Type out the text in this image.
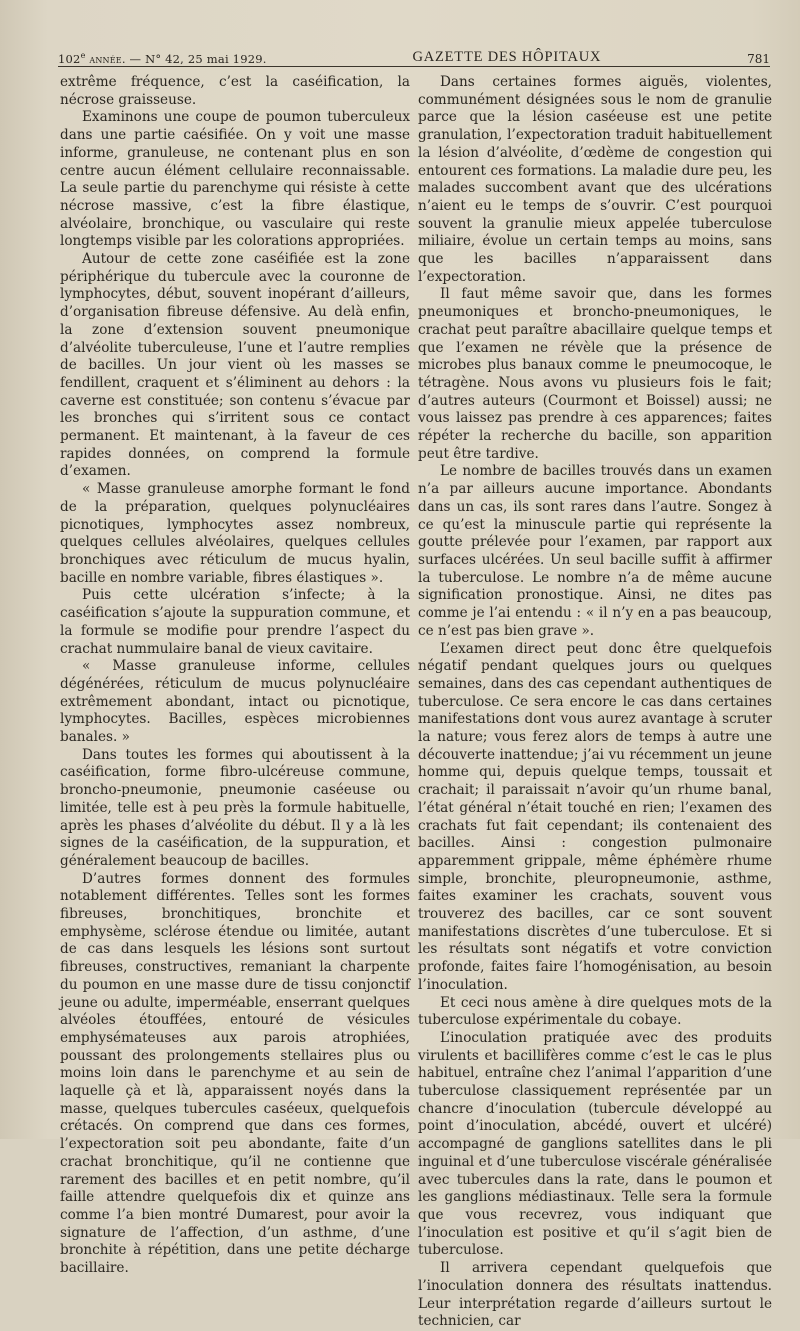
102e année. — N° 42, 25 mai 1929.	GAZETTE DES HÔPITAUX	781

extrême fréquence, c’est la caséification, la nécrose graisseuse.

Examinons une coupe de poumon tuberculeux dans une partie caésifiée. On y voit une masse informe, granuleuse, ne contenant plus en son centre aucun élément cellulaire reconnaissable. La seule partie du parenchyme qui résiste à cette nécrose massive, c’est la fibre élastique, alvéolaire, bronchique, ou vasculaire qui reste longtemps visible par les colorations appropriées.

Autour de cette zone caséifiée est la zone périphérique du tubercule avec la couronne de lymphocytes, début, souvent inopérant d’ailleurs, d’organisation fibreuse défensive. Au delà enfin, la zone d’extension souvent pneumonique d’alvéolite tuberculeuse, l’une et l’autre remplies de bacilles. Un jour vient où les masses se fendillent, craquent et s’éliminent au dehors : la caverne est constituée; son contenu s’évacue par les bronches qui s’irritent sous ce contact permanent. Et maintenant, à la faveur de ces rapides données, on comprend la formule d’examen.

« Masse granuleuse amorphe formant le fond de la préparation, quelques polynucléaires picnotiques, lymphocytes assez nombreux, quelques cellules alvéolaires, quelques cellules bronchiques avec réticulum de mucus hyalin, bacille en nombre variable, fibres élastiques ».

Puis cette ulcération s’infecte; à la caséification s’ajoute la suppuration commune, et la formule se modifie pour prendre l’aspect du crachat nummulaire banal de vieux cavitaire.

« Masse granuleuse informe, cellules dégénérées, réticulum de mucus polynucléaire extrêmement abondant, intact ou picnotique, lymphocytes. Bacilles, espèces microbiennes banales. »

Dans toutes les formes qui aboutissent à la caséification, forme fibro-ulcéreuse commune, broncho-pneumonie, pneumonie caséeuse ou limitée, telle est à peu près la formule habituelle, après les phases d’alvéolite du début. Il y a là les signes de la caséification, de la suppuration, et généralement beaucoup de bacilles.

D’autres formes donnent des formules notablement différentes. Telles sont les formes fibreuses, bronchitiques, bronchite et emphysème, sclérose étendue ou limitée, autant de cas dans lesquels les lésions sont surtout fibreuses, constructives, remaniant la charpente du poumon en une masse dure de tissu conjonctif jeune ou adulte, imperméable, enserrant quelques alvéoles étouffées, entouré de vésicules emphysémateuses aux parois atrophiées, poussant des prolongements stellaires plus ou moins loin dans le parenchyme et au sein de laquelle çà et là, apparaissent noyés dans la masse, quelques tubercules caséeux, quelquefois crétacés. On comprend que dans ces formes, l’expectoration soit peu abondante, faite d’un crachat bronchitique, qu’il ne contienne que rarement des bacilles et en petit nombre, qu’il faille attendre quelquefois dix et quinze ans comme l’a bien montré Dumarest, pour avoir la signature de l’affection, d’un asthme, d’une bronchite à répétition, dans une petite décharge bacillaire.

Dans certaines formes aiguës, violentes, communément désignées sous le nom de granulie parce que la lésion caséeuse est une petite granulation, l’expectoration traduit habituellement la lésion d’alvéolite, d’œdème de congestion qui entourent ces formations. La maladie dure peu, les malades succombent avant que des ulcérations n’aient eu le temps de s’ouvrir. C’est pourquoi souvent la granulie mieux appelée tuberculose miliaire, évolue un certain temps au moins, sans que les bacilles n’apparaissent dans l’expectoration.

Il faut même savoir que, dans les formes pneumoniques et broncho-pneumoniques, le crachat peut paraître abacillaire quelque temps et que l’examen ne révèle que la présence de microbes plus banaux comme le pneumocoque, le tétragène. Nous avons vu plusieurs fois le fait; d’autres auteurs (Courmont et Boissel) aussi; ne vous laissez pas prendre à ces apparences; faites répéter la recherche du bacille, son apparition peut être tardive.

Le nombre de bacilles trouvés dans un examen n’a par ailleurs aucune importance. Abondants dans un cas, ils sont rares dans l’autre. Songez à ce qu’est la minuscule partie qui représente la goutte prélevée pour l’examen, par rapport aux surfaces ulcérées. Un seul bacille suffit à affirmer la tuberculose. Le nombre n’a de même aucune signification pronostique. Ainsi, ne dites pas comme je l’ai entendu : « il n’y en a pas beaucoup, ce n’est pas bien grave ».

L’examen direct peut donc être quelquefois négatif pendant quelques jours ou quelques semaines, dans des cas cependant authentiques de tuberculose. Ce sera encore le cas dans certaines manifestations dont vous aurez avantage à scruter la nature; vous ferez alors de temps à autre une découverte inattendue; j’ai vu récemment un jeune homme qui, depuis quelque temps, toussait et crachait; il paraissait n’avoir qu’un rhume banal, l’état général n’était touché en rien; l’examen des crachats fut fait cependant; ils contenaient des bacilles. Ainsi : congestion pulmonaire apparemment grippale, même éphémère rhume simple, bronchite, pleuropneumonie, asthme, faites examiner les crachats, souvent vous trouverez des bacilles, car ce sont souvent manifestations discrètes d’une tuberculose. Et si les résultats sont négatifs et votre conviction profonde, faites faire l’homogénisation, au besoin l’inoculation.

Et ceci nous amène à dire quelques mots de la tuberculose expérimentale du cobaye.

L’inoculation pratiquée avec des produits virulents et bacillifères comme c’est le cas le plus habituel, entraîne chez l’animal l’apparition d’une tuberculose classiquement représentée par un chancre d’inoculation (tubercule développé au point d’inoculation, abcédé, ouvert et ulcéré) accompagné de ganglions satellites dans le pli inguinal et d’une tuberculose viscérale généralisée avec tubercules dans la rate, dans le poumon et les ganglions médiastinaux. Telle sera la formule que vous recevrez, vous indiquant que l’inoculation est positive et qu’il s’agit bien de tuberculose.

Il arrivera cependant quelquefois que l’inoculation donnera des résultats inattendus. Leur interprétation regarde d’ailleurs surtout le technicien, car
